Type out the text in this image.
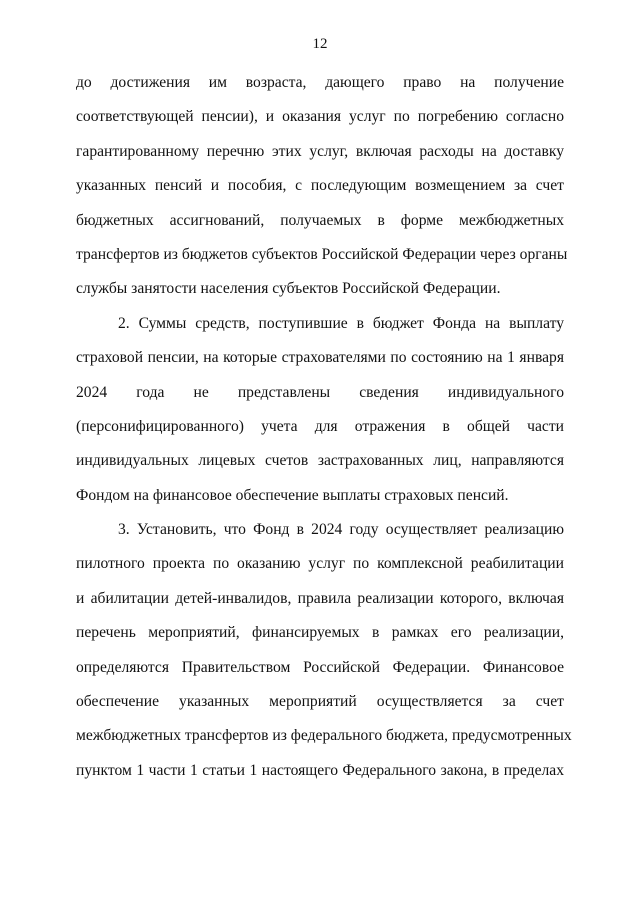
12
до достижения им возраста, дающего право на получение
соответствующей пенсии), и оказания услуг по погребению согласно
гарантированному перечню этих услуг, включая расходы на доставку
указанных пенсий и пособия, с последующим возмещением за счет
бюджетных ассигнований, получаемых в форме межбюджетных
трансфертов из бюджетов субъектов Российской Федерации через органы
службы занятости населения субъектов Российской Федерации.
2. Суммы средств, поступившие в бюджет Фонда на выплату
страховой пенсии, на которые страхователями по состоянию на 1 января
2024 года не представлены сведения индивидуального
(персонифицированного) учета для отражения в общей части
индивидуальных лицевых счетов застрахованных лиц, направляются
Фондом на финансовое обеспечение выплаты страховых пенсий.
3. Установить, что Фонд в 2024 году осуществляет реализацию
пилотного проекта по оказанию услуг по комплексной реабилитации
и абилитации детей-инвалидов, правила реализации которого, включая
перечень мероприятий, финансируемых в рамках его реализации,
определяются Правительством Российской Федерации. Финансовое
обеспечение указанных мероприятий осуществляется за счет
межбюджетных трансфертов из федерального бюджета, предусмотренных
пунктом 1 части 1 статьи 1 настоящего Федерального закона, в пределах
